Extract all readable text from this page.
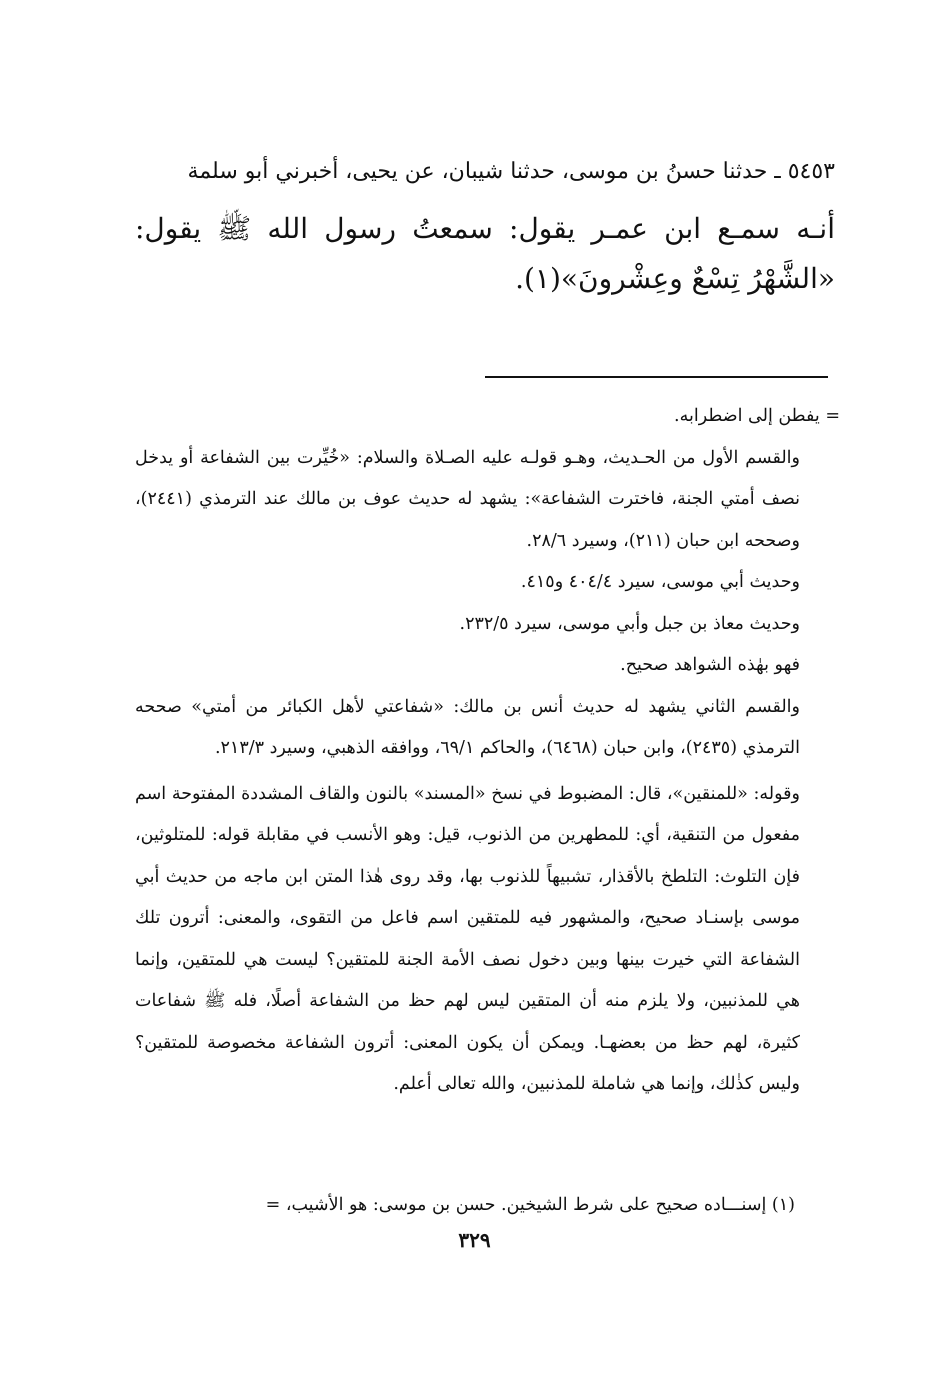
٥٤٥٣ ـ حدثنا حسنُ بن موسى، حدثنا شيبان، عن يحيى، أخبرني أبو سلمة

أنـه سمـع ابن عمـر يقول: سمعتُ رسول الله ﷺ يقول: «الشَّهْرُ تِسْعٌ وعِشْرونَ»(١).

= يفطن إلى اضطرابه.

والقسم الأول من الحـديث، وهـو قولـه عليه الصـلاة والسلام: «خُيِّرت بين الشفاعة أو يدخل نصف أمتي الجنة، فاخترت الشفاعة»: يشهد له حديث عوف بن مالك عند الترمذي (٢٤٤١)، وصححه ابن حبان (٢١١)، وسيرد ٢٨/٦.

وحديث أبي موسى، سيرد ٤٠٤/٤ و٤١٥.

وحديث معاذ بن جبل وأبي موسى، سيرد ٢٣٢/٥.

فهو بهٰذه الشواهد صحيح.

والقسم الثاني يشهد له حديث أنس بن مالك: «شفاعتي لأهل الكبائر من أمتي» صححه الترمذي (٢٤٣٥)، وابن حبان (٦٤٦٨)، والحاكم ٦٩/١، ووافقه الذهبي، وسيرد ٢١٣/٣.

وقوله: «للمنقين»، قال: المضبوط في نسخ «المسند» بالنون والقاف المشددة المفتوحة اسم مفعول من التنقية، أي: للمطهرين من الذنوب، قيل: وهو الأنسب في مقابلة قوله: للمتلوثين، فإن التلوث: التلطخ بالأقذار، تشبيهاً للذنوب بها، وقد روى هٰذا المتن ابن ماجه من حديث أبي موسى بإسنـاد صحيح، والمشهور فيه للمتقين اسم فاعل من التقوى، والمعنى: أترون تلك الشفاعة التي خيرت بينها وبين دخول نصف الأمة الجنة للمتقين؟ ليست هي للمتقين، وإنما هي للمذنبين، ولا يلزم منه أن المتقين ليس لهم حظ من الشفاعة أصلًا، فله ﷺ شفاعات كثيرة، لهم حظ من بعضهـا. ويمكن أن يكون المعنى: أترون الشفاعة مخصوصة للمتقين؟ وليس كذٰلك، وإنما هي شاملة للمذنبين، والله تعالى أعلم.

(١) إسنـــاده صحيح على شرط الشيخين. حسن بن موسى: هو الأشيب، =
٣٢٩
